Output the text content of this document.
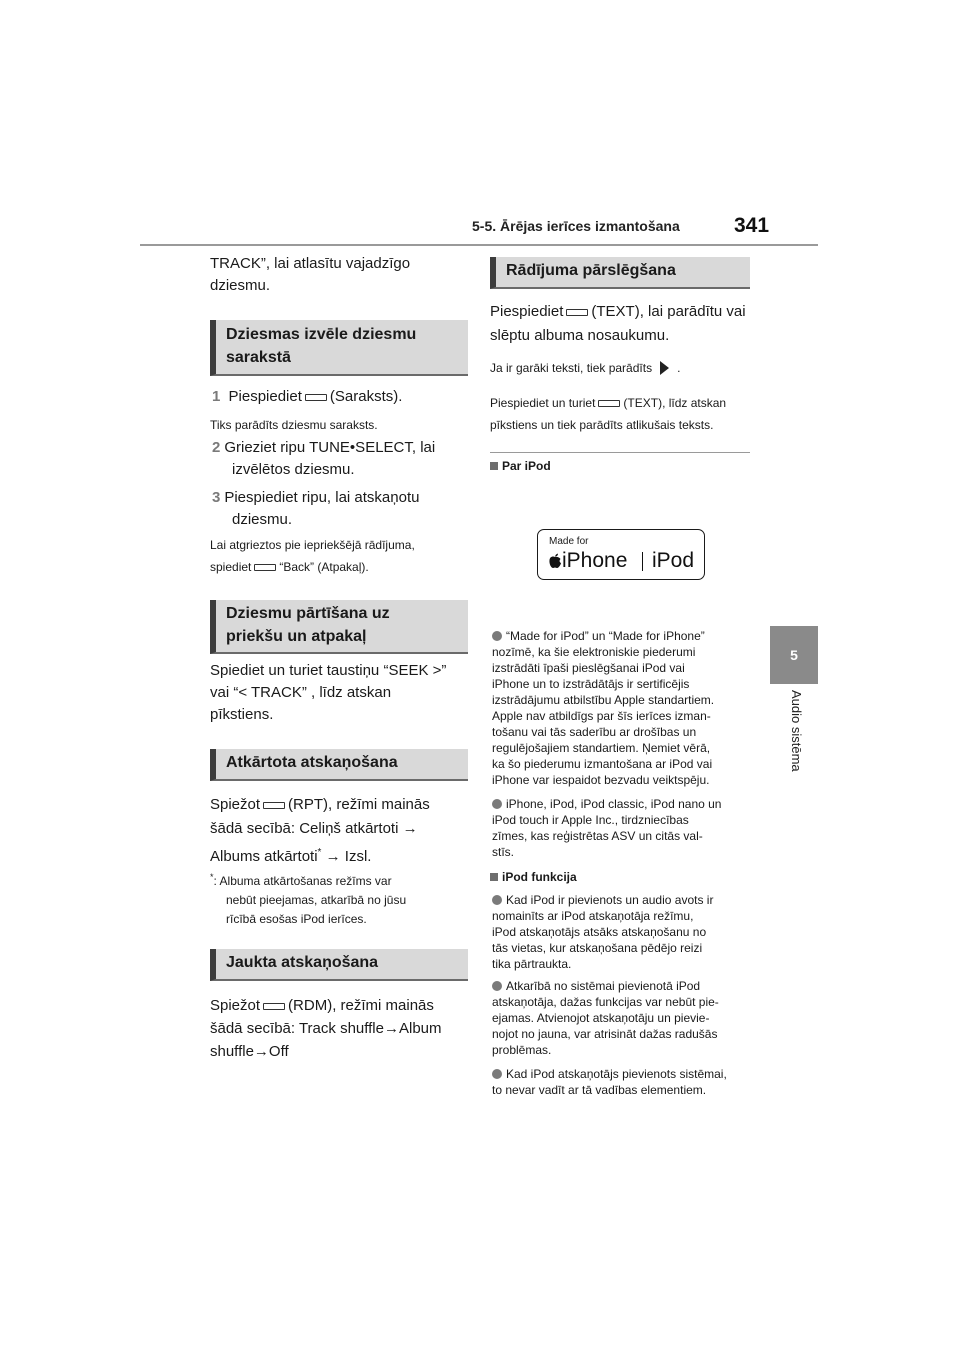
5-5. Ārējas ierīces izmantošana	341
5
Audio sistēma
TRACK”, lai atlasītu vajadzīgo
dziesmu.
Dziesmas izvēle dziesmu
sarakstā
1 Piespiediet (Saraksts).
Tiks parādīts dziesmu saraksts.
2 Grieziet ripu TUNE•SELECT, lai
izvēlētos dziesmu.
3 Piespiediet ripu, lai atskaņotu
dziesmu.
Lai atgrieztos pie iepriekšējā rādījuma,
spiediet “Back” (Atpakaļ).
Dziesmu pārtīšana uz
priekšu un atpakaļ
Spiediet un turiet taustiņu “SEEK >”
vai “< TRACK” , līdz atskan
pīkstiens.
Atkārtota atskaņošana
Spiežot (RPT), režīmi mainās
šādā secībā: Celiņš atkārtoti →
Albums atkārtoti* → Izsl.
*: Albuma atkārtošanas režīms var
nebūt pieejamas, atkarībā no jūsu
rīcībā esošas iPod ierīces.
Jaukta atskaņošana
Spiežot (RDM), režīmi mainās
šādā secībā: Track shuffle→Album
shuffle→Off
Rādījuma pārslēgšana
Piespiediet (TEXT), lai parādītu vai
slēptu albuma nosaukumu.
Ja ir garāki teksti, tiek parādīts .
Piespiediet un turiet (TEXT), līdz atskan
pīkstiens un tiek parādīts atlikušais teksts.
Par iPod
Made for
iPhone iPod
“Made for iPod” un “Made for iPhone”
nozīmē, ka šie elektroniskie piederumi
izstrādāti īpaši pieslēgšanai iPod vai
iPhone un to izstrādātājs ir sertificējis
izstrādājumu atbilstību Apple standartiem.
Apple nav atbildīgs par šīs ierīces izman-
tošanu vai tās saderību ar drošības un
regulējošajiem standartiem. Ņemiet vērā,
ka šo piederumu izmantošana ar iPod vai
iPhone var iespaidot bezvadu veiktspēju.
iPhone, iPod, iPod classic, iPod nano un
iPod touch ir Apple Inc., tirdzniecības
zīmes, kas reģistrētas ASV un citās val-
stīs.
iPod funkcija
Kad iPod ir pievienots un audio avots ir
nomainīts ar iPod atskaņotāja režīmu,
iPod atskaņotājs atsāks atskaņošanu no
tās vietas, kur atskaņošana pēdējo reizi
tika pārtraukta.
Atkarībā no sistēmai pievienotā iPod
atskaņotāja, dažas funkcijas var nebūt pie-
ejamas. Atvienojot atskaņotāju un pievie-
nojot no jauna, var atrisināt dažas radušās
problēmas.
Kad iPod atskaņotājs pievienots sistēmai,
to nevar vadīt ar tā vadības elementiem.
